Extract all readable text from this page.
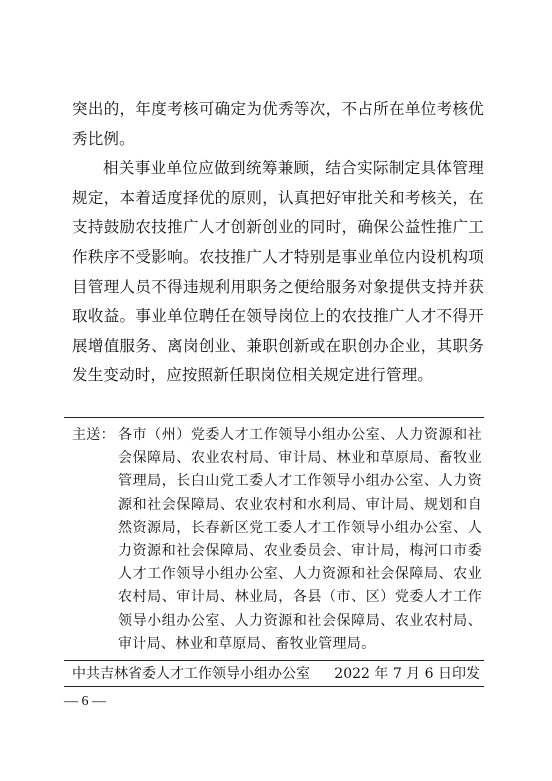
突出的，年度考核可确定为优秀等次，不占所在单位考核优秀比例。

相关事业单位应做到统筹兼顾，结合实际制定具体管理规定，本着适度择优的原则，认真把好审批关和考核关，在支持鼓励农技推广人才创新创业的同时，确保公益性推广工作秩序不受影响。农技推广人才特别是事业单位内设机构项目管理人员不得违规利用职务之便给服务对象提供支持并获取收益。事业单位聘任在领导岗位上的农技推广人才不得开展增值服务、离岗创业、兼职创新或在职创办企业，其职务发生变动时，应按照新任职岗位相关规定进行管理。

主送： 各市（州）党委人才工作领导小组办公室、人力资源和社会保障局、农业农村局、审计局、林业和草原局、畜牧业管理局，长白山党工委人才工作领导小组办公室、人力资源和社会保障局、农业农村和水利局、审计局、规划和自然资源局，长春新区党工委人才工作领导小组办公室、人力资源和社会保障局、农业委员会、审计局，梅河口市委人才工作领导小组办公室、人力资源和社会保障局、农业农村局、审计局、林业局，各县（市、区）党委人才工作领导小组办公室、人力资源和社会保障局、农业农村局、审计局、林业和草原局、畜牧业管理局。
中共吉林省委人才工作领导小组办公室 2022 年 7 月 6 日印发
— 6 —
